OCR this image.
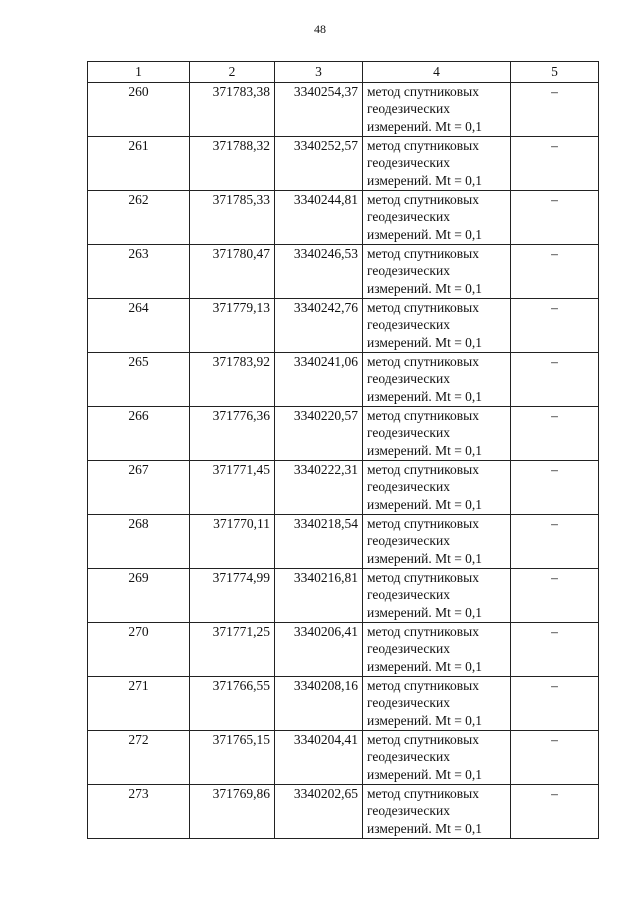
48
1	2	3	4	5
260	371783,38	3340254,37	метод спутниковых
геодезических
измерений. Mt = 0,1	–
261	371788,32	3340252,57	метод спутниковых
геодезических
измерений. Mt = 0,1	–
262	371785,33	3340244,81	метод спутниковых
геодезических
измерений. Mt = 0,1	–
263	371780,47	3340246,53	метод спутниковых
геодезических
измерений. Mt = 0,1	–
264	371779,13	3340242,76	метод спутниковых
геодезических
измерений. Mt = 0,1	–
265	371783,92	3340241,06	метод спутниковых
геодезических
измерений. Mt = 0,1	–
266	371776,36	3340220,57	метод спутниковых
геодезических
измерений. Mt = 0,1	–
267	371771,45	3340222,31	метод спутниковых
геодезических
измерений. Mt = 0,1	–
268	371770,11	3340218,54	метод спутниковых
геодезических
измерений. Mt = 0,1	–
269	371774,99	3340216,81	метод спутниковых
геодезических
измерений. Mt = 0,1	–
270	371771,25	3340206,41	метод спутниковых
геодезических
измерений. Mt = 0,1	–
271	371766,55	3340208,16	метод спутниковых
геодезических
измерений. Mt = 0,1	–
272	371765,15	3340204,41	метод спутниковых
геодезических
измерений. Mt = 0,1	–
273	371769,86	3340202,65	метод спутниковых
геодезических
измерений. Mt = 0,1	–
